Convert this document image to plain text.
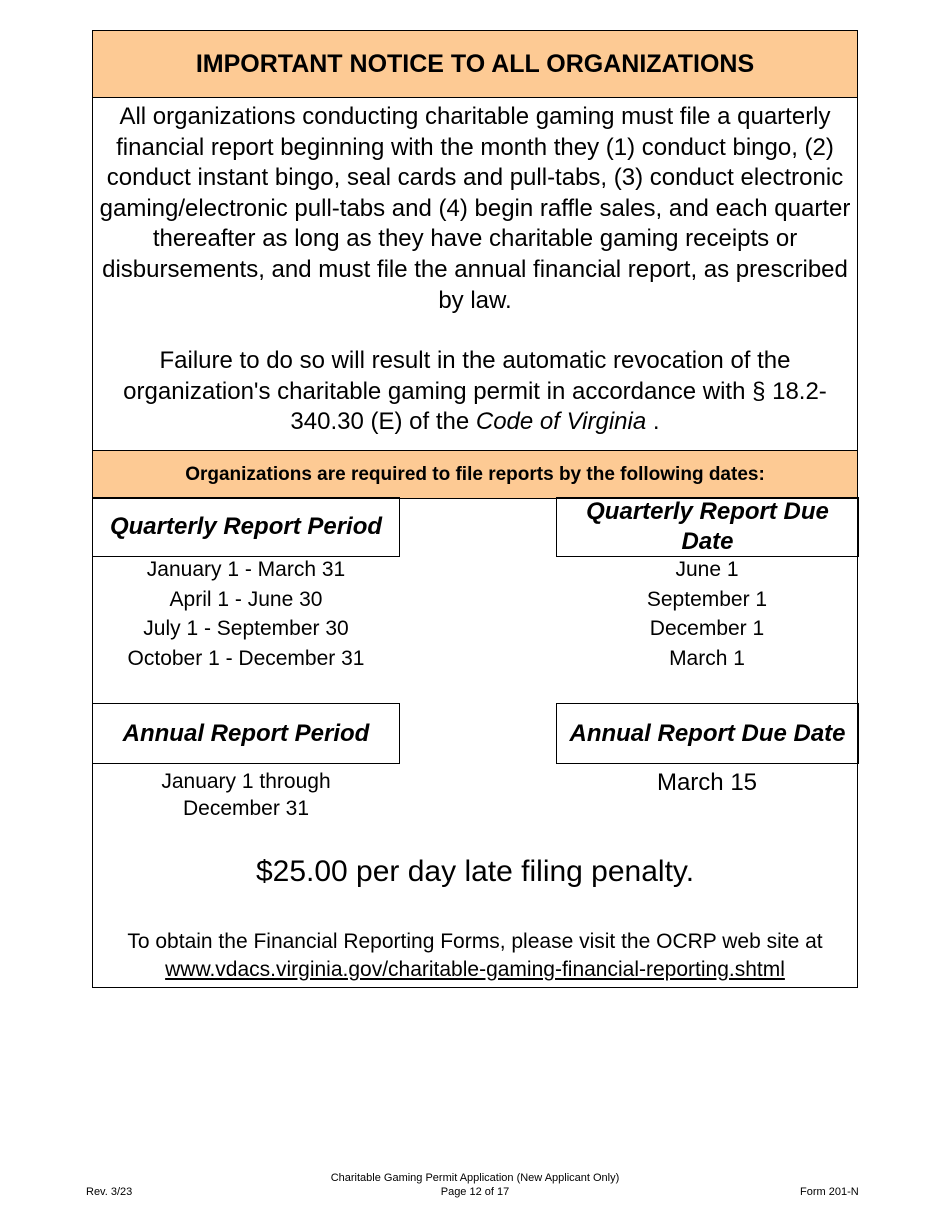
IMPORTANT NOTICE TO ALL ORGANIZATIONS
All organizations conducting charitable gaming must file a quarterly financial report beginning with the month they (1) conduct bingo, (2) conduct instant bingo, seal cards and pull-tabs, (3) conduct electronic gaming/electronic pull-tabs and (4) begin raffle sales, and each quarter thereafter as long as they have charitable gaming receipts or disbursements, and must file the annual financial report, as prescribed by law.
Failure to do so will result in the automatic revocation of the organization's charitable gaming permit in accordance with § 18.2-340.30 (E) of the Code of Virginia .
Organizations are required to file reports by the following dates:
Quarterly Report Period
Quarterly Report Due Date
January 1 - March 31
April 1 - June 30
July 1 - September 30
October 1 - December 31
June 1
September 1
December 1
March 1
Annual Report Period	Annual Report Due Date
January 1 through
December 31
March 15
$25.00 per day late filing penalty.
To obtain the Financial Reporting Forms, please visit the OCRP web site at www.vdacs.virginia.gov/charitable-gaming-financial-reporting.shtml
Rev. 3/23
Charitable Gaming Permit Application (New Applicant Only)
Page 12 of 17	Form 201-N
